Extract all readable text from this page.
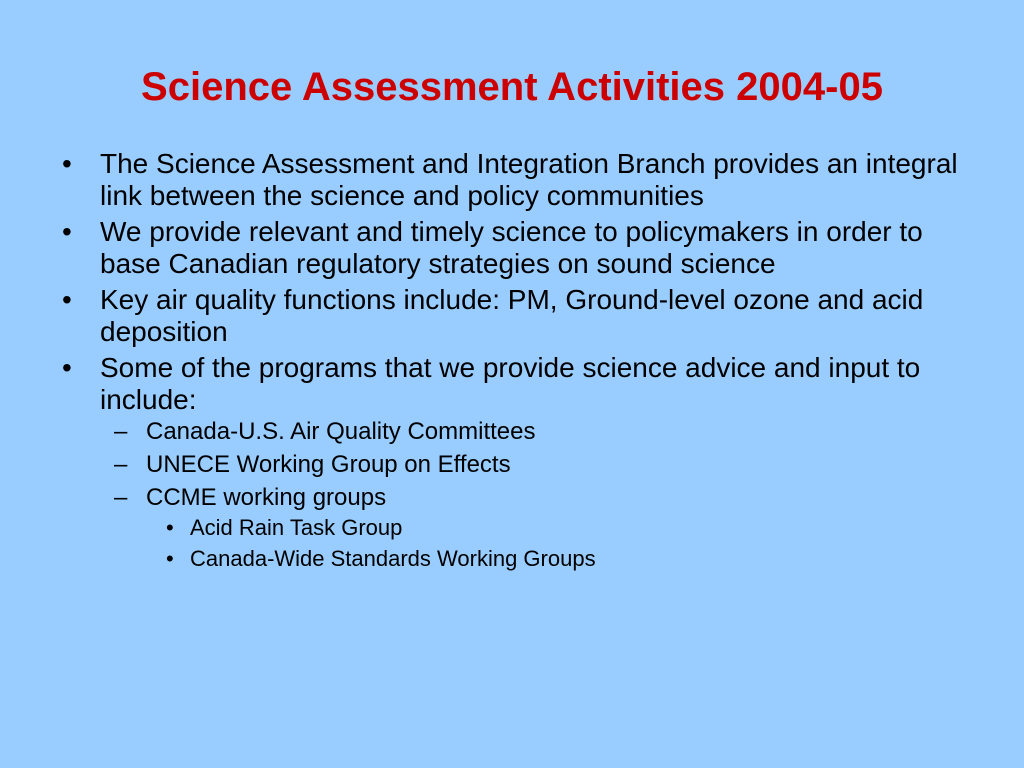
Science Assessment Activities 2004-05
• The Science Assessment and Integration Branch provides an integral link between the science and policy communities
• We provide relevant and timely science to policymakers in order to base Canadian regulatory strategies on sound science
• Key air quality functions include: PM, Ground-level ozone and acid deposition
• Some of the programs that we provide science advice and input to include:
– Canada-U.S. Air Quality Committees
– UNECE Working Group on Effects
– CCME working groups
• Acid Rain Task Group
• Canada-Wide Standards Working Groups
